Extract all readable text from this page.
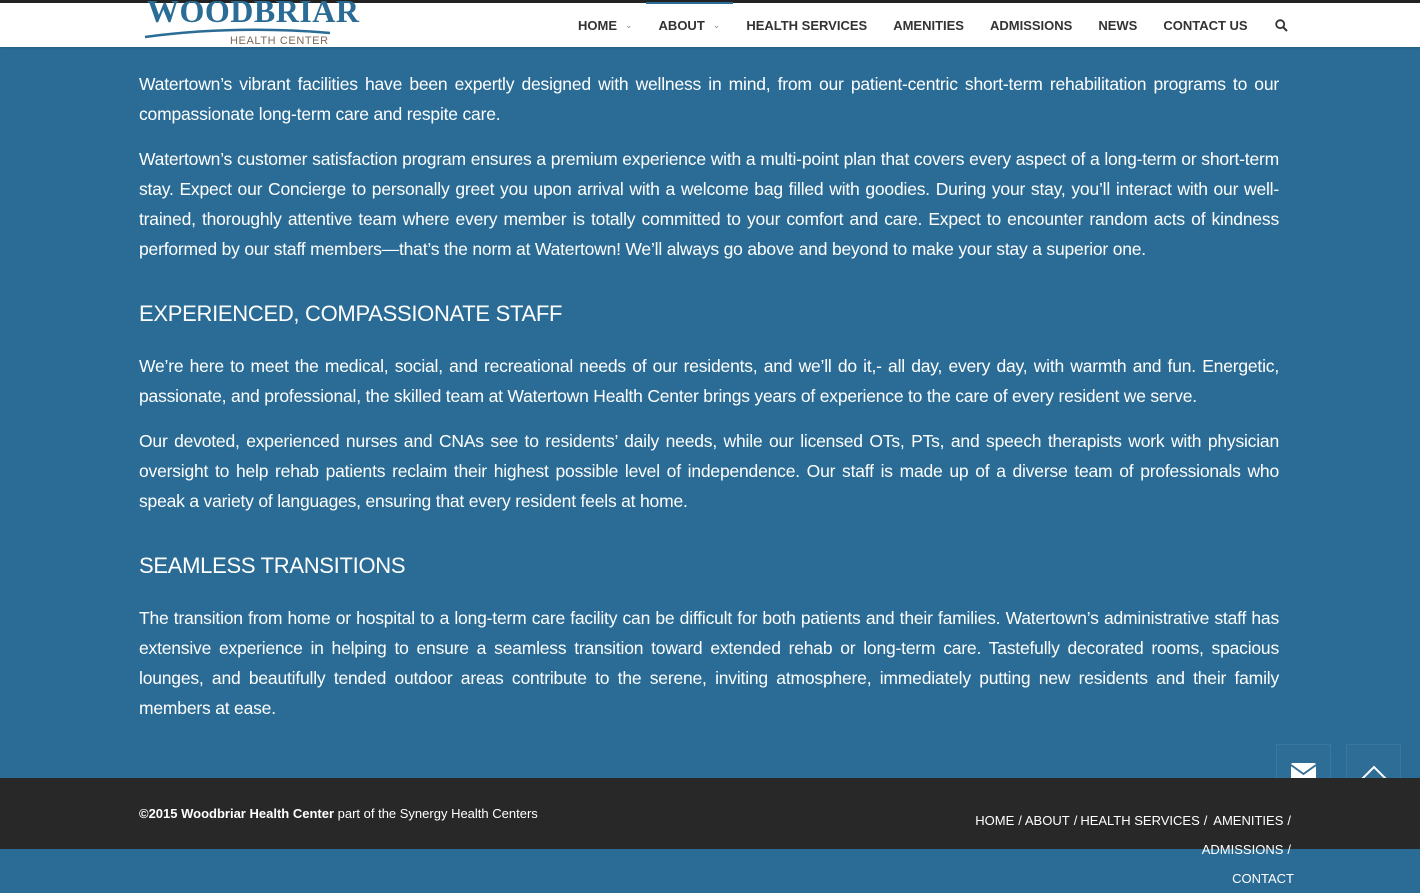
WOODBRIAR
HEALTH CENTER
HOME ⌄ ABOUT ⌄ HEALTH SERVICES AMENITIES ADMISSIONS NEWS CONTACT US

Watertown’s vibrant facilities have been expertly designed with wellness in mind, from our patient-centric short-term rehabilitation programs to our compassionate long-term care and respite care.

Watertown’s customer satisfaction program ensures a premium experience with a multi-point plan that covers every aspect of a long-term or short-term stay. Expect our Concierge to personally greet you upon arrival with a welcome bag filled with goodies. During your stay, you’ll interact with our well-trained, thoroughly attentive team where every member is totally committed to your comfort and care. Expect to encounter random acts of kindness performed by our staff members—that’s the norm at Watertown! We’ll always go above and beyond to make your stay a superior one.

EXPERIENCED, COMPASSIONATE STAFF

We’re here to meet the medical, social, and recreational needs of our residents, and we’ll do it,- all day, every day, with warmth and fun. Energetic, passionate, and professional, the skilled team at Watertown Health Center brings years of experience to the care of every resident we serve.

Our devoted, experienced nurses and CNAs see to residents’ daily needs, while our licensed OTs, PTs, and speech therapists work with physician oversight to help rehab patients reclaim their highest possible level of independence. Our staff is made up of a diverse team of professionals who speak a variety of languages, ensuring that every resident feels at home.

SEAMLESS TRANSITIONS

The transition from home or hospital to a long-term care facility can be difficult for both patients and their families. Watertown’s administrative staff has extensive experience in helping to ensure a seamless transition toward extended rehab or long-term care. Tastefully decorated rooms, spacious lounges, and beautifully tended outdoor areas contribute to the serene, inviting atmosphere, immediately putting new residents and their family members at ease.

©2015 Woodbriar Health Center part of the Synergy Health Centers	HOME / ABOUT / HEALTH SERVICES / AMENITIES / ADMISSIONS /
CONTACT
